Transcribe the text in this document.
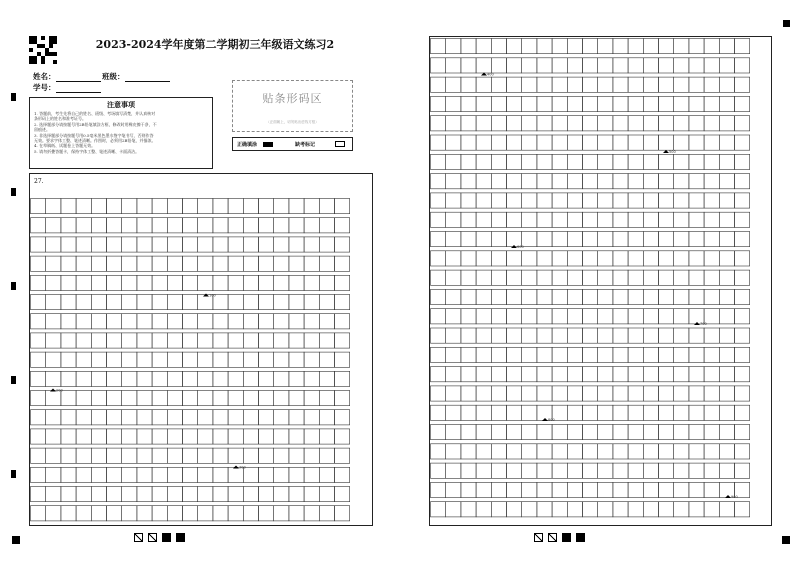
2023-2024学年度第二学期初三年级语文练习2
姓名：	班级：
学号：
注意事项
1. 答题前，考生先将自己的姓名、班级、考场填写清楚，并认真核对
条形码上的姓名和准考证号。
2. 选择题部分请按题号用2B铅笔填涂方框，修改时用橡皮擦干净，不
留痕迹。
3. 非选择题部分请按题号用0.5毫米黑色墨水签字笔书写，否则作答
无效。要求字体工整、笔迹清晰。作图时，必须用2B铅笔，并描浓。
4. 在草稿纸、试题卷上答题无效。
5. 请勿折叠答题卡，保持字体工整、笔迹清晰、卡面清洁。
贴条形码区
（正面朝上，切勿贴出虚线方框）
正确填涂	缺考标记
27.
100
200
300
400
500
600
700
800
900
